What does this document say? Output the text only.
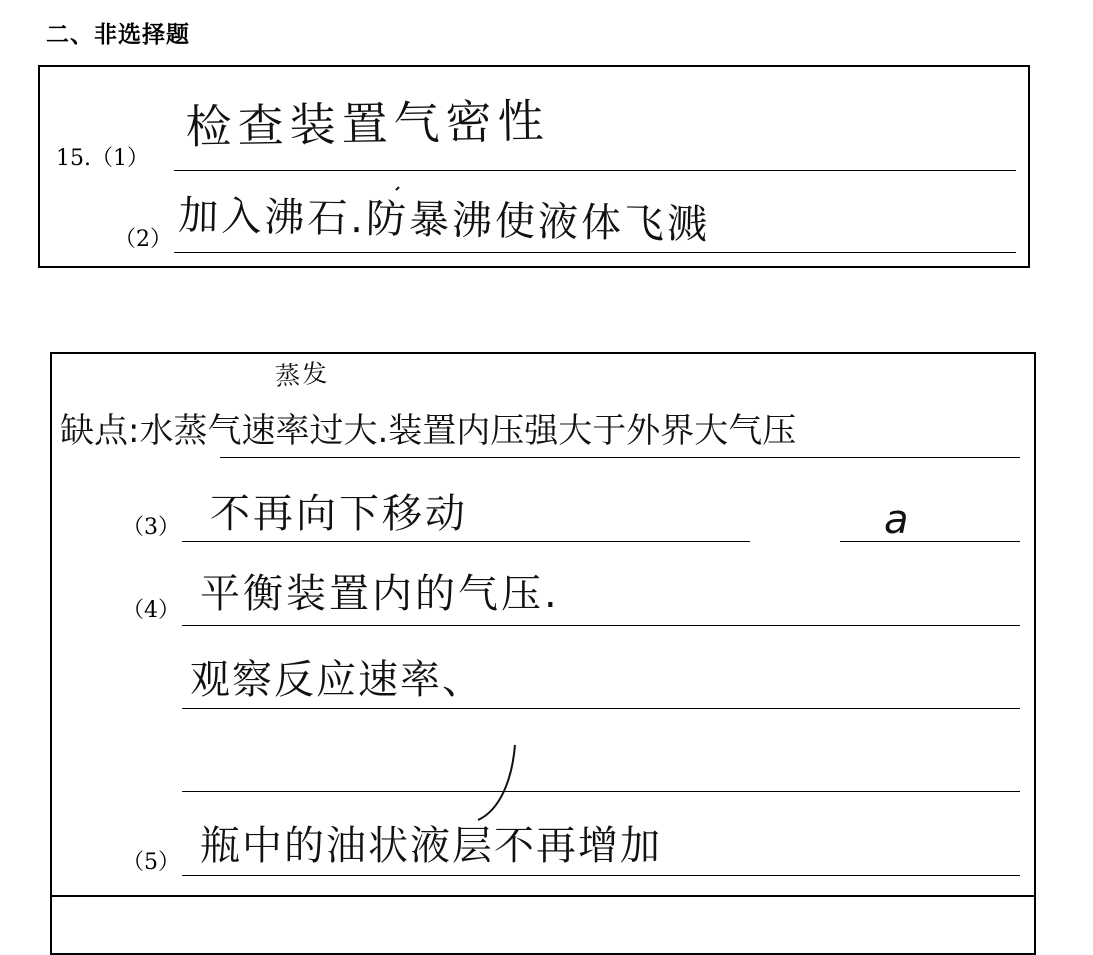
二、非选择题
15.（1）
检查装置气密性
（2） 加入沸石.防暴沸使液体飞溅
蒸发
缺点:水蒸气速率过大.装置内压强大于外界大气压
（3） 不再向下移动	a
（4） 平衡装置内的气压.
观察反应速率、
（5） 瓶中的油状液层不再增加
